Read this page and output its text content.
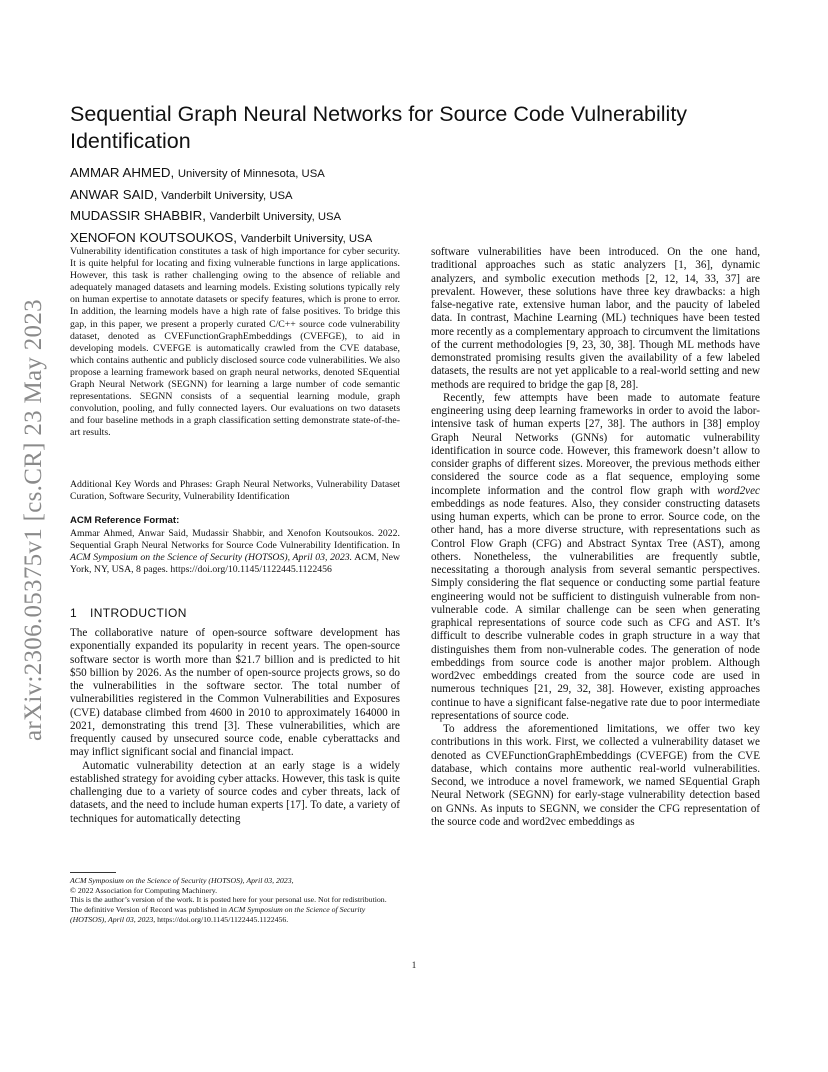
arXiv:2306.05375v1 [cs.CR] 23 May 2023
Sequential Graph Neural Networks for Source Code Vulnerability Identification
AMMAR AHMED, University of Minnesota, USA
ANWAR SAID, Vanderbilt University, USA
MUDASSIR SHABBIR, Vanderbilt University, USA
XENOFON KOUTSOUKOS, Vanderbilt University, USA

Vulnerability identification constitutes a task of high importance for cyber security. It is quite helpful for locating and fixing vulnerable functions in large applications. However, this task is rather challenging owing to the absence of reliable and adequately managed datasets and learning models. Existing solutions typically rely on human expertise to annotate datasets or specify features, which is prone to error. In addition, the learning models have a high rate of false positives. To bridge this gap, in this paper, we present a properly curated C/C++ source code vulnerability dataset, denoted as CVEFunctionGraphEmbeddings (CVEFGE), to aid in developing models. CVEFGE is automatically crawled from the CVE database, which contains authentic and publicly disclosed source code vulnerabilities. We also propose a learning framework based on graph neural networks, denoted SEquential Graph Neural Network (SEGNN) for learning a large number of code semantic representations. SEGNN consists of a sequential learning module, graph convolution, pooling, and fully connected layers. Our evaluations on two datasets and four baseline methods in a graph classification setting demonstrate state-of-the-art results.

Additional Key Words and Phrases: Graph Neural Networks, Vulnerability Dataset Curation, Software Security, Vulnerability Identification
ACM Reference Format:
Ammar Ahmed, Anwar Said, Mudassir Shabbir, and Xenofon Koutsoukos. 2022. Sequential Graph Neural Networks for Source Code Vulnerability Identification. In ACM Symposium on the Science of Security (HOTSOS), April 03, 2023. ACM, New York, NY, USA, 8 pages. https://doi.org/10.1145/1122445.1122456
1 INTRODUCTION

The collaborative nature of open-source software development has exponentially expanded its popularity in recent years. The open-source software sector is worth more than $21.7 billion and is predicted to hit $50 billion by 2026. As the number of open-source projects grows, so do the vulnerabilities in the software sector. The total number of vulnerabilities registered in the Common Vulnerabilities and Exposures (CVE) database climbed from 4600 in 2010 to approximately 164000 in 2021, demonstrating this trend [3]. These vulnerabilities, which are frequently caused by unsecured source code, enable cyberattacks and may inflict significant social and financial impact.

Automatic vulnerability detection at an early stage is a widely established strategy for avoiding cyber attacks. However, this task is quite challenging due to a variety of source codes and cyber threats, lack of datasets, and the need to include human experts [17]. To date, a variety of techniques for automatically detecting

software vulnerabilities have been introduced. On the one hand, traditional approaches such as static analyzers [1, 36], dynamic analyzers, and symbolic execution methods [2, 12, 14, 33, 37] are prevalent. However, these solutions have three key drawbacks: a high false-negative rate, extensive human labor, and the paucity of labeled data. In contrast, Machine Learning (ML) techniques have been tested more recently as a complementary approach to circumvent the limitations of the current methodologies [9, 23, 30, 38]. Though ML methods have demonstrated promising results given the availability of a few labeled datasets, the results are not yet applicable to a real-world setting and new methods are required to bridge the gap [8, 28].

Recently, few attempts have been made to automate feature engineering using deep learning frameworks in order to avoid the labor-intensive task of human experts [27, 38]. The authors in [38] employ Graph Neural Networks (GNNs) for automatic vulnerability identification in source code. However, this framework doesn’t allow to consider graphs of different sizes. Moreover, the previous methods either considered the source code as a flat sequence, employing some incomplete information and the control flow graph with word2vec embeddings as node features. Also, they consider constructing datasets using human experts, which can be prone to error. Source code, on the other hand, has a more diverse structure, with representations such as Control Flow Graph (CFG) and Abstract Syntax Tree (AST), among others. Nonetheless, the vulnerabilities are frequently subtle, necessitating a thorough analysis from several semantic perspectives. Simply considering the flat sequence or conducting some partial feature engineering would not be sufficient to distinguish vulnerable from non-vulnerable code. A similar challenge can be seen when generating graphical representations of source code such as CFG and AST. It’s difficult to describe vulnerable codes in graph structure in a way that distinguishes them from non-vulnerable codes. The generation of node embeddings from source code is another major problem. Although word2vec embeddings created from the source code are used in numerous techniques [21, 29, 32, 38]. However, existing approaches continue to have a significant false-negative rate due to poor intermediate representations of source code.

To address the aforementioned limitations, we offer two key contributions in this work. First, we collected a vulnerability dataset we denoted as CVEFunctionGraphEmbeddings (CVEFGE) from the CVE database, which contains more authentic real-world vulnerabilities. Second, we introduce a novel framework, we named SEquential Graph Neural Network (SEGNN) for early-stage vulnerability detection based on GNNs. As inputs to SEGNN, we consider the CFG representation of the source code and word2vec embeddings as

ACM Symposium on the Science of Security (HOTSOS), April 03, 2023,
© 2022 Association for Computing Machinery.
This is the author’s version of the work. It is posted here for your personal use. Not for redistribution. The definitive Version of Record was published in ACM Symposium on the Science of Security (HOTSOS), April 03, 2023, https://doi.org/10.1145/1122445.1122456.
1
